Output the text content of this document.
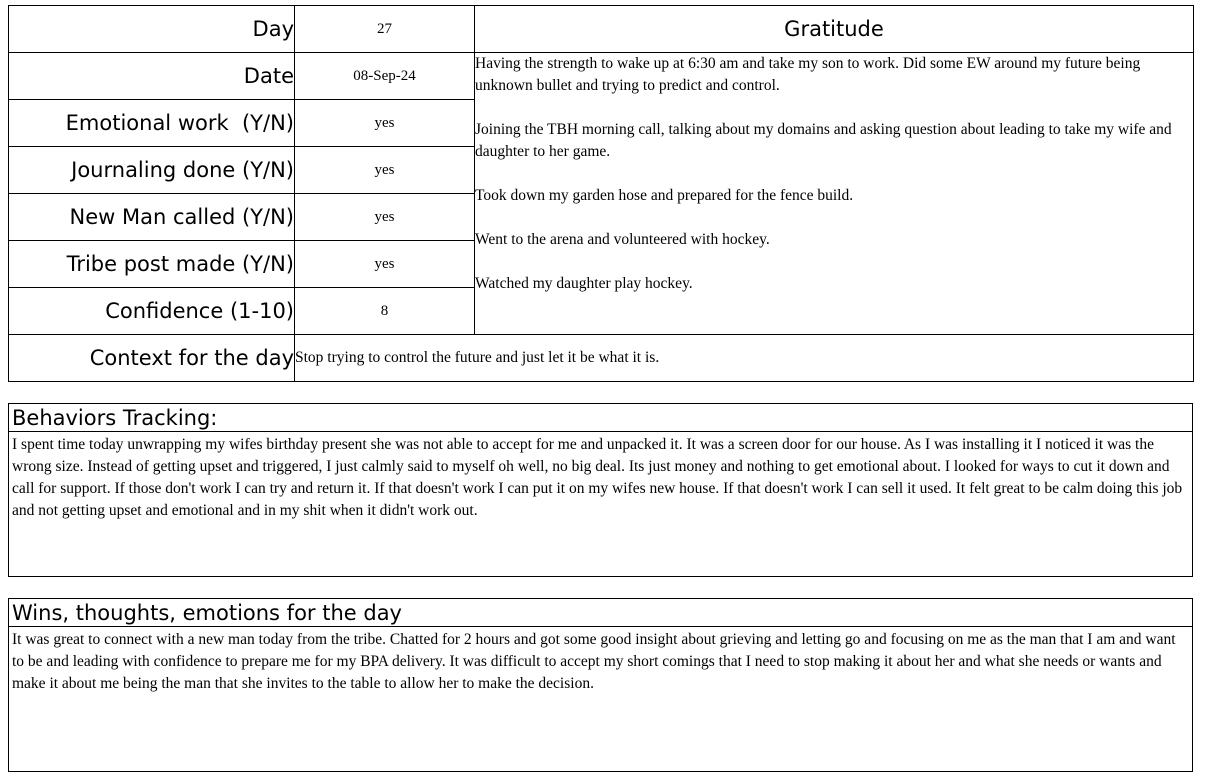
Day	27	Gratitude
Date	08-Sep-24	Having the strength to wake up at 6:30 am and take my son to work. Did some EW around my future being unknown bullet and trying to predict and control.

Joining the TBH morning call, talking about my domains and asking question about leading to take my wife and daughter to her game.

Took down my garden hose and prepared for the fence build.

Went to the arena and volunteered with hockey.

Watched my daughter play hockey.

Emotional work  (Y/N)	yes	
Journaling done (Y/N)	yes	
New Man called (Y/N)	yes	
Tribe post made (Y/N)	yes	
Confidence (1-10)	8	
Context for the day	Stop trying to control the future and just let it be what it is.	
Behaviors Tracking:
I spent time today unwrapping my wifes birthday present she was not able to accept for me and unpacked it. It was a screen door for our house. As I was installing it I noticed it was the wrong size. Instead of getting upset and triggered, I just calmly said to myself oh well, no big deal. Its just money and nothing to get emotional about. I looked for ways to cut it down and call for support. If those don't work I can try and return it. If that doesn't work I can put it on my wifes new house. If that doesn't work I can sell it used. It felt great to be calm doing this job and not getting upset and emotional and in my shit when it didn't work out.
Wins, thoughts, emotions for the day
It was great to connect with a new man today from the tribe. Chatted for 2 hours and got some good insight about grieving and letting go and focusing on me as the man that I am and want to be and leading with confidence to prepare me for my BPA delivery. It was difficult to accept my short comings that I need to stop making it about her and what she needs or wants and make it about me being the man that she invites to the table to allow her to make the decision.
